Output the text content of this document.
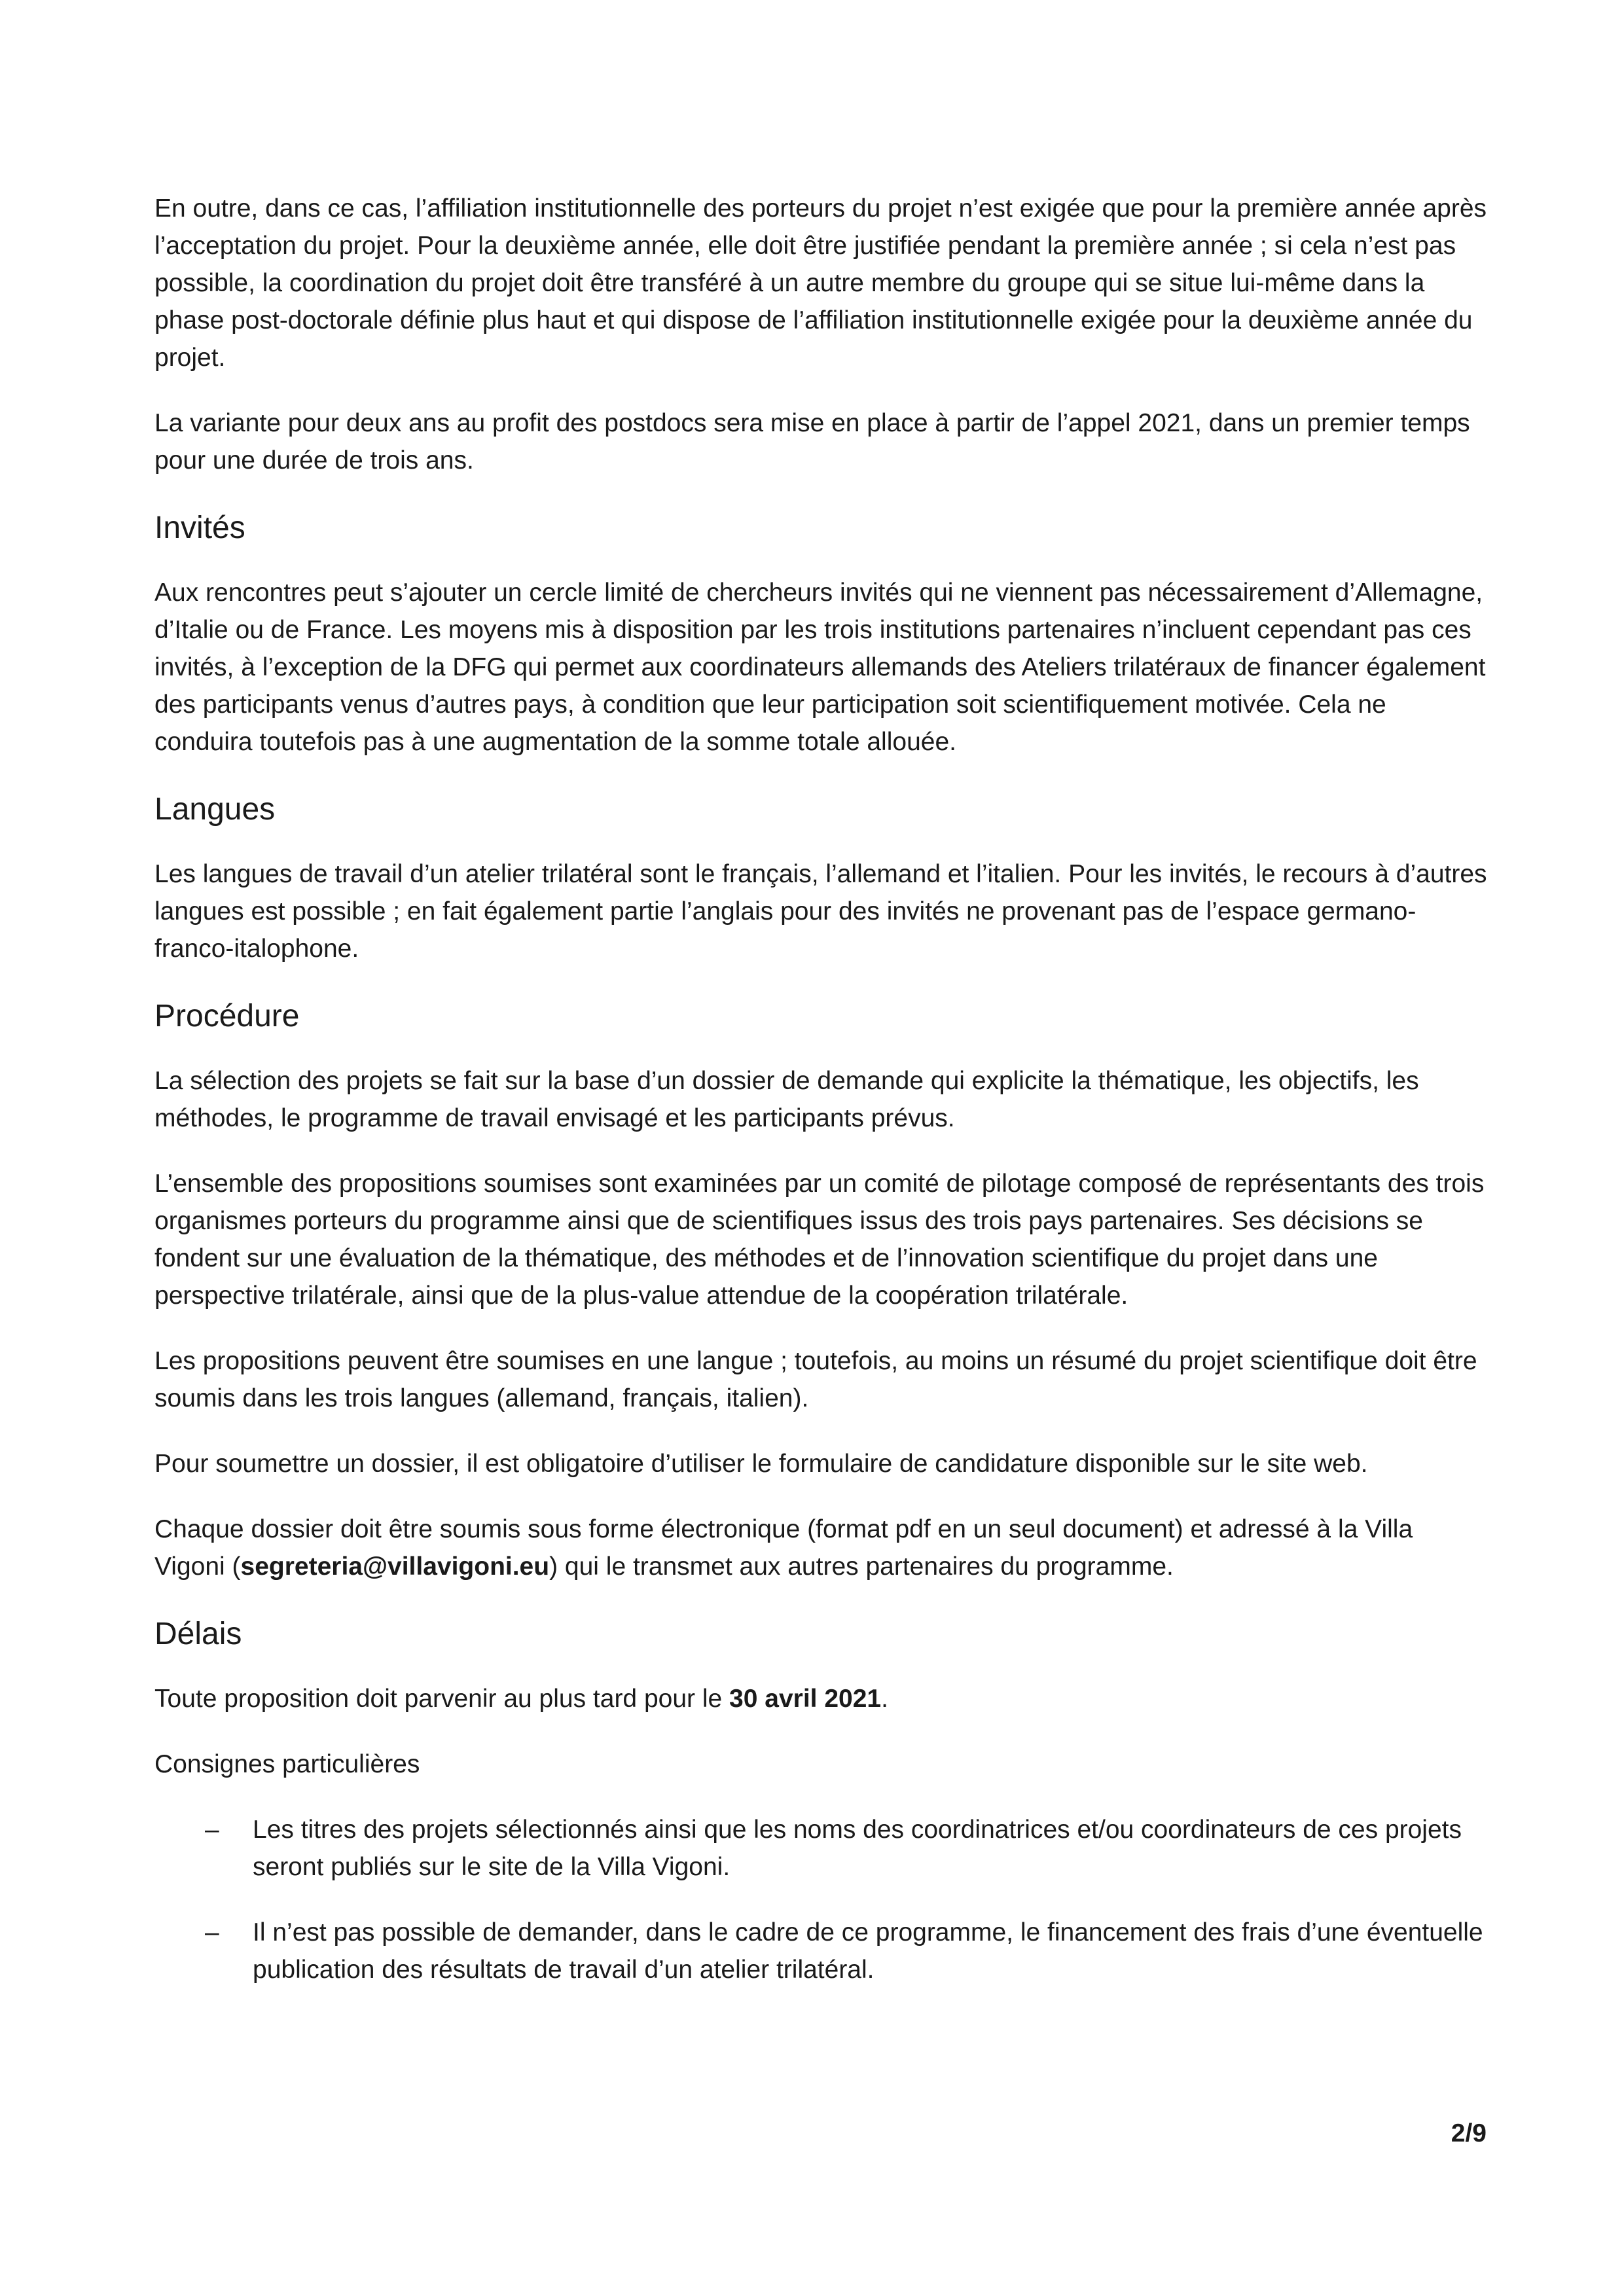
En outre, dans ce cas, l’affiliation institutionnelle des porteurs du projet n’est exigée que pour la première année après l’acceptation du projet. Pour la deuxième année, elle doit être justifiée pendant la première année ; si cela n’est pas possible, la coordination du projet doit être transféré à un autre membre du groupe qui se situe lui-même dans la phase post-doctorale définie plus haut et qui dispose de l’affiliation institutionnelle exigée pour la deuxième année du projet.

La variante pour deux ans au profit des postdocs sera mise en place à partir de l’appel 2021, dans un premier temps pour une durée de trois ans.

Invités

Aux rencontres peut s’ajouter un cercle limité de chercheurs invités qui ne viennent pas nécessairement d’Allemagne, d’Italie ou de France. Les moyens mis à disposition par les trois institutions partenaires n’incluent cependant pas ces invités, à l’exception de la DFG qui permet aux coordinateurs allemands des Ateliers trilatéraux de financer également des participants venus d’autres pays, à condition que leur participation soit scientifiquement motivée. Cela ne conduira toutefois pas à une augmentation de la somme totale allouée.

Langues

Les langues de travail d’un atelier trilatéral sont le français, l’allemand et l’italien. Pour les invités, le recours à d’autres langues est possible ; en fait également partie l’anglais pour des invités ne provenant pas de l’espace germano-franco-italophone.

Procédure

La sélection des projets se fait sur la base d’un dossier de demande qui explicite la thématique, les objectifs, les méthodes, le programme de travail envisagé et les participants prévus.

L’ensemble des propositions soumises sont examinées par un comité de pilotage composé de représentants des trois organismes porteurs du programme ainsi que de scientifiques issus des trois pays partenaires. Ses décisions se fondent sur une évaluation de la thématique, des méthodes et de l’innovation scientifique du projet dans une perspective trilatérale, ainsi que de la plus-value attendue de la coopération trilatérale.

Les propositions peuvent être soumises en une langue ; toutefois, au moins un résumé du projet scientifique doit être soumis dans les trois langues (allemand, français, italien).

Pour soumettre un dossier, il est obligatoire d’utiliser le formulaire de candidature disponible sur le site web.

Chaque dossier doit être soumis sous forme électronique (format pdf en un seul document) et adressé à la Villa Vigoni (segreteria@villavigoni.eu) qui le transmet aux autres partenaires du programme.

Délais

Toute proposition doit parvenir au plus tard pour le 30 avril 2021.

Consignes particulières

– Les titres des projets sélectionnés ainsi que les noms des coordinatrices et/ou coordinateurs de ces projets seront publiés sur le site de la Villa Vigoni.
– Il n’est pas possible de demander, dans le cadre de ce programme, le financement des frais d’une éventuelle publication des résultats de travail d’un atelier trilatéral.
2/9
